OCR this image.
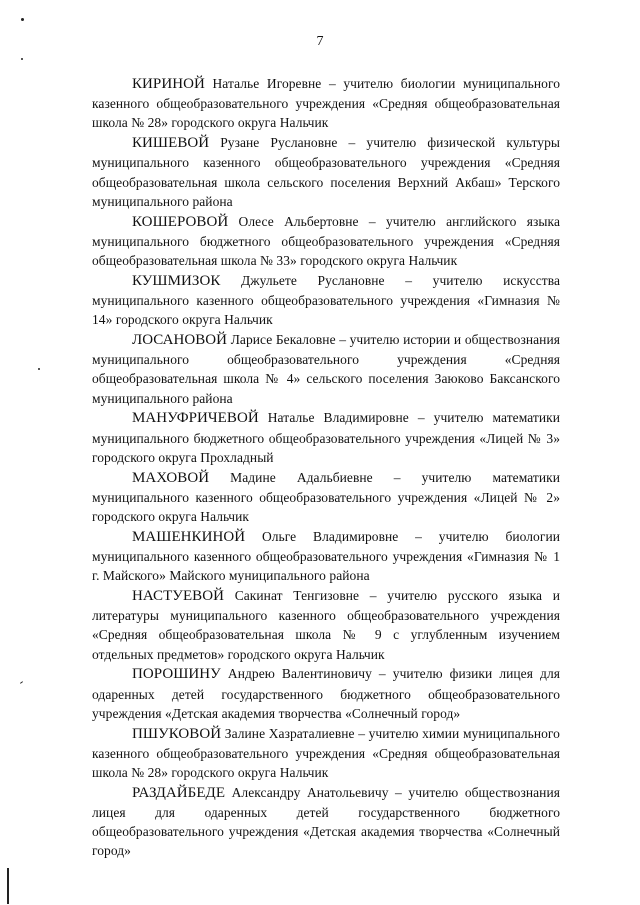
7

КИРИНОЙ Наталье Игоревне – учителю биологии муниципального казенного общеобразовательного учреждения «Средняя общеобразовательная школа № 28» городского округа Нальчик

КИШЕВОЙ Рузане Руслановне – учителю физической культуры муниципального казенного общеобразовательного учреждения «Средняя общеобразовательная школа сельского поселения Верхний Акбаш» Терского муниципального района

КОШЕРОВОЙ Олесе Альбертовне – учителю английского языка муниципального бюджетного общеобразовательного учреждения «Средняя общеобразовательная школа № 33» городского округа Нальчик

КУШМИЗОК Джульете Руслановне – учителю искусства муниципального казенного общеобразовательного учреждения «Гимназия № 14» городского округа Нальчик

ЛОСАНОВОЙ Ларисе Бекаловне – учителю истории и обществознания муниципального общеобразовательного учреждения «Средняя общеобразовательная школа № 4» сельского поселения Заюково Баксанского муниципального района

МАНУФРИЧЕВОЙ Наталье Владимировне – учителю математики муниципального бюджетного общеобразовательного учреждения «Лицей № 3» городского округа Прохладный

МАХОВОЙ Мадине Адальбиевне – учителю математики муниципального казенного общеобразовательного учреждения «Лицей № 2» городского округа Нальчик

МАШЕНКИНОЙ Ольге Владимировне – учителю биологии муниципального казенного общеобразовательного учреждения «Гимназия № 1 г. Майского» Майского муниципального района

НАСТУЕВОЙ Сакинат Тенгизовне – учителю русского языка и литературы муниципального казенного общеобразовательного учреждения «Средняя общеобразовательная школа № 9 с углубленным изучением отдельных предметов» городского округа Нальчик

ПОРОШИНУ Андрею Валентиновичу – учителю физики лицея для одаренных детей государственного бюджетного общеобразовательного учреждения «Детская академия творчества «Солнечный город»

ПШУКОВОЙ Залине Хазраталиевне – учителю химии муниципального казенного общеобразовательного учреждения «Средняя общеобразовательная школа № 28» городского округа Нальчик

РАЗДАЙБЕДЕ Александру Анатольевичу – учителю обществознания лицея для одаренных детей государственного бюджетного общеобразовательного учреждения «Детская академия творчества «Солнечный город»
